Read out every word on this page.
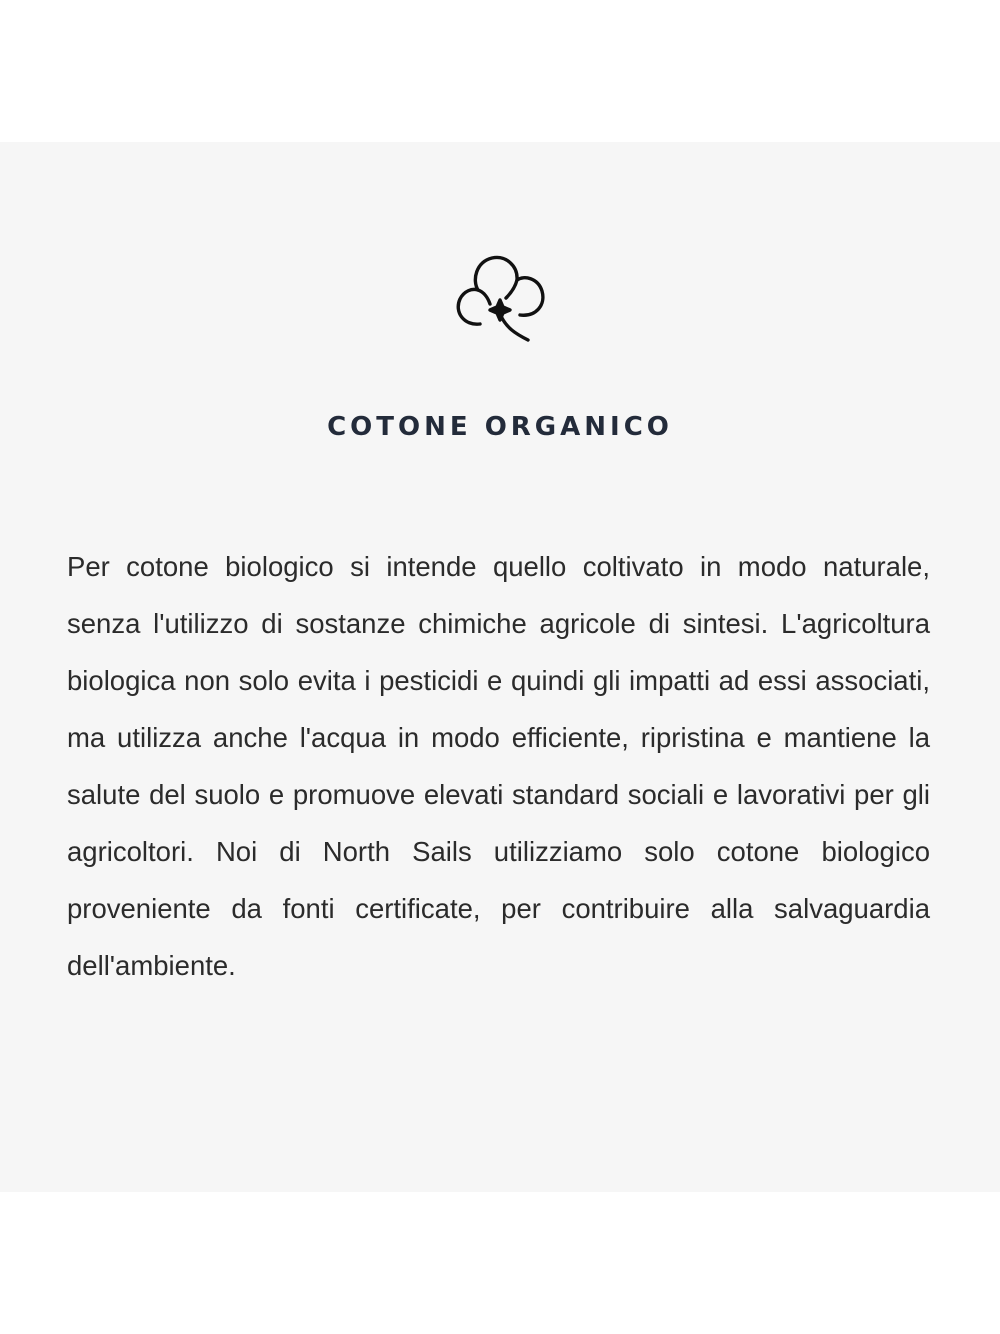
COTONE ORGANICO

Per cotone biologico si intende quello coltivato in modo naturale, senza l'utilizzo di sostanze chimiche agricole di sintesi. L'agricoltura biologica non solo evita i pesticidi e quindi gli impatti ad essi associati, ma utilizza anche l'acqua in modo efficiente, ripristina e mantiene la salute del suolo e promuove elevati standard sociali e lavorativi per gli agricoltori. Noi di North Sails utilizziamo solo cotone biologico proveniente da fonti certificate, per contribuire alla salvaguardia dell'ambiente.
